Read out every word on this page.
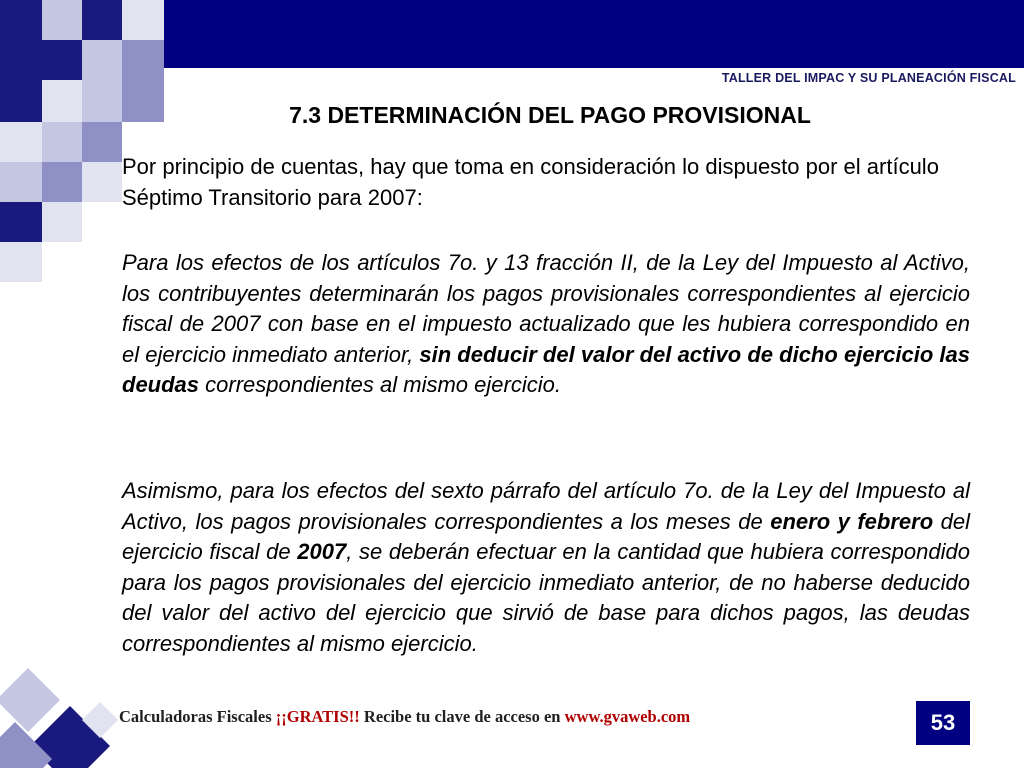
TALLER DEL IMPAC Y SU PLANEACIÓN FISCAL
7.3 DETERMINACIÓN DEL PAGO PROVISIONAL
Por principio de cuentas, hay que toma en consideración lo dispuesto por el artículo Séptimo Transitorio para 2007:
Para los efectos de los artículos 7o. y 13 fracción II, de la Ley del Impuesto al Activo, los contribuyentes determinarán los pagos provisionales correspondientes al ejercicio fiscal de 2007 con base en el impuesto actualizado que les hubiera correspondido en el ejercicio inmediato anterior, sin deducir del valor del activo de dicho ejercicio las deudas correspondientes al mismo ejercicio.
Asimismo, para los efectos del sexto párrafo del artículo 7o. de la Ley del Impuesto al Activo, los pagos provisionales correspondientes a los meses de enero y febrero del ejercicio fiscal de 2007, se deberán efectuar en la cantidad que hubiera correspondido para los pagos provisionales del ejercicio inmediato anterior, de no haberse deducido del valor del activo del ejercicio que sirvió de base para dichos pagos, las deudas correspondientes al mismo ejercicio.
Calculadoras Fiscales ¡¡GRATIS!! Recibe tu clave de acceso en www.gvaweb.com	53
